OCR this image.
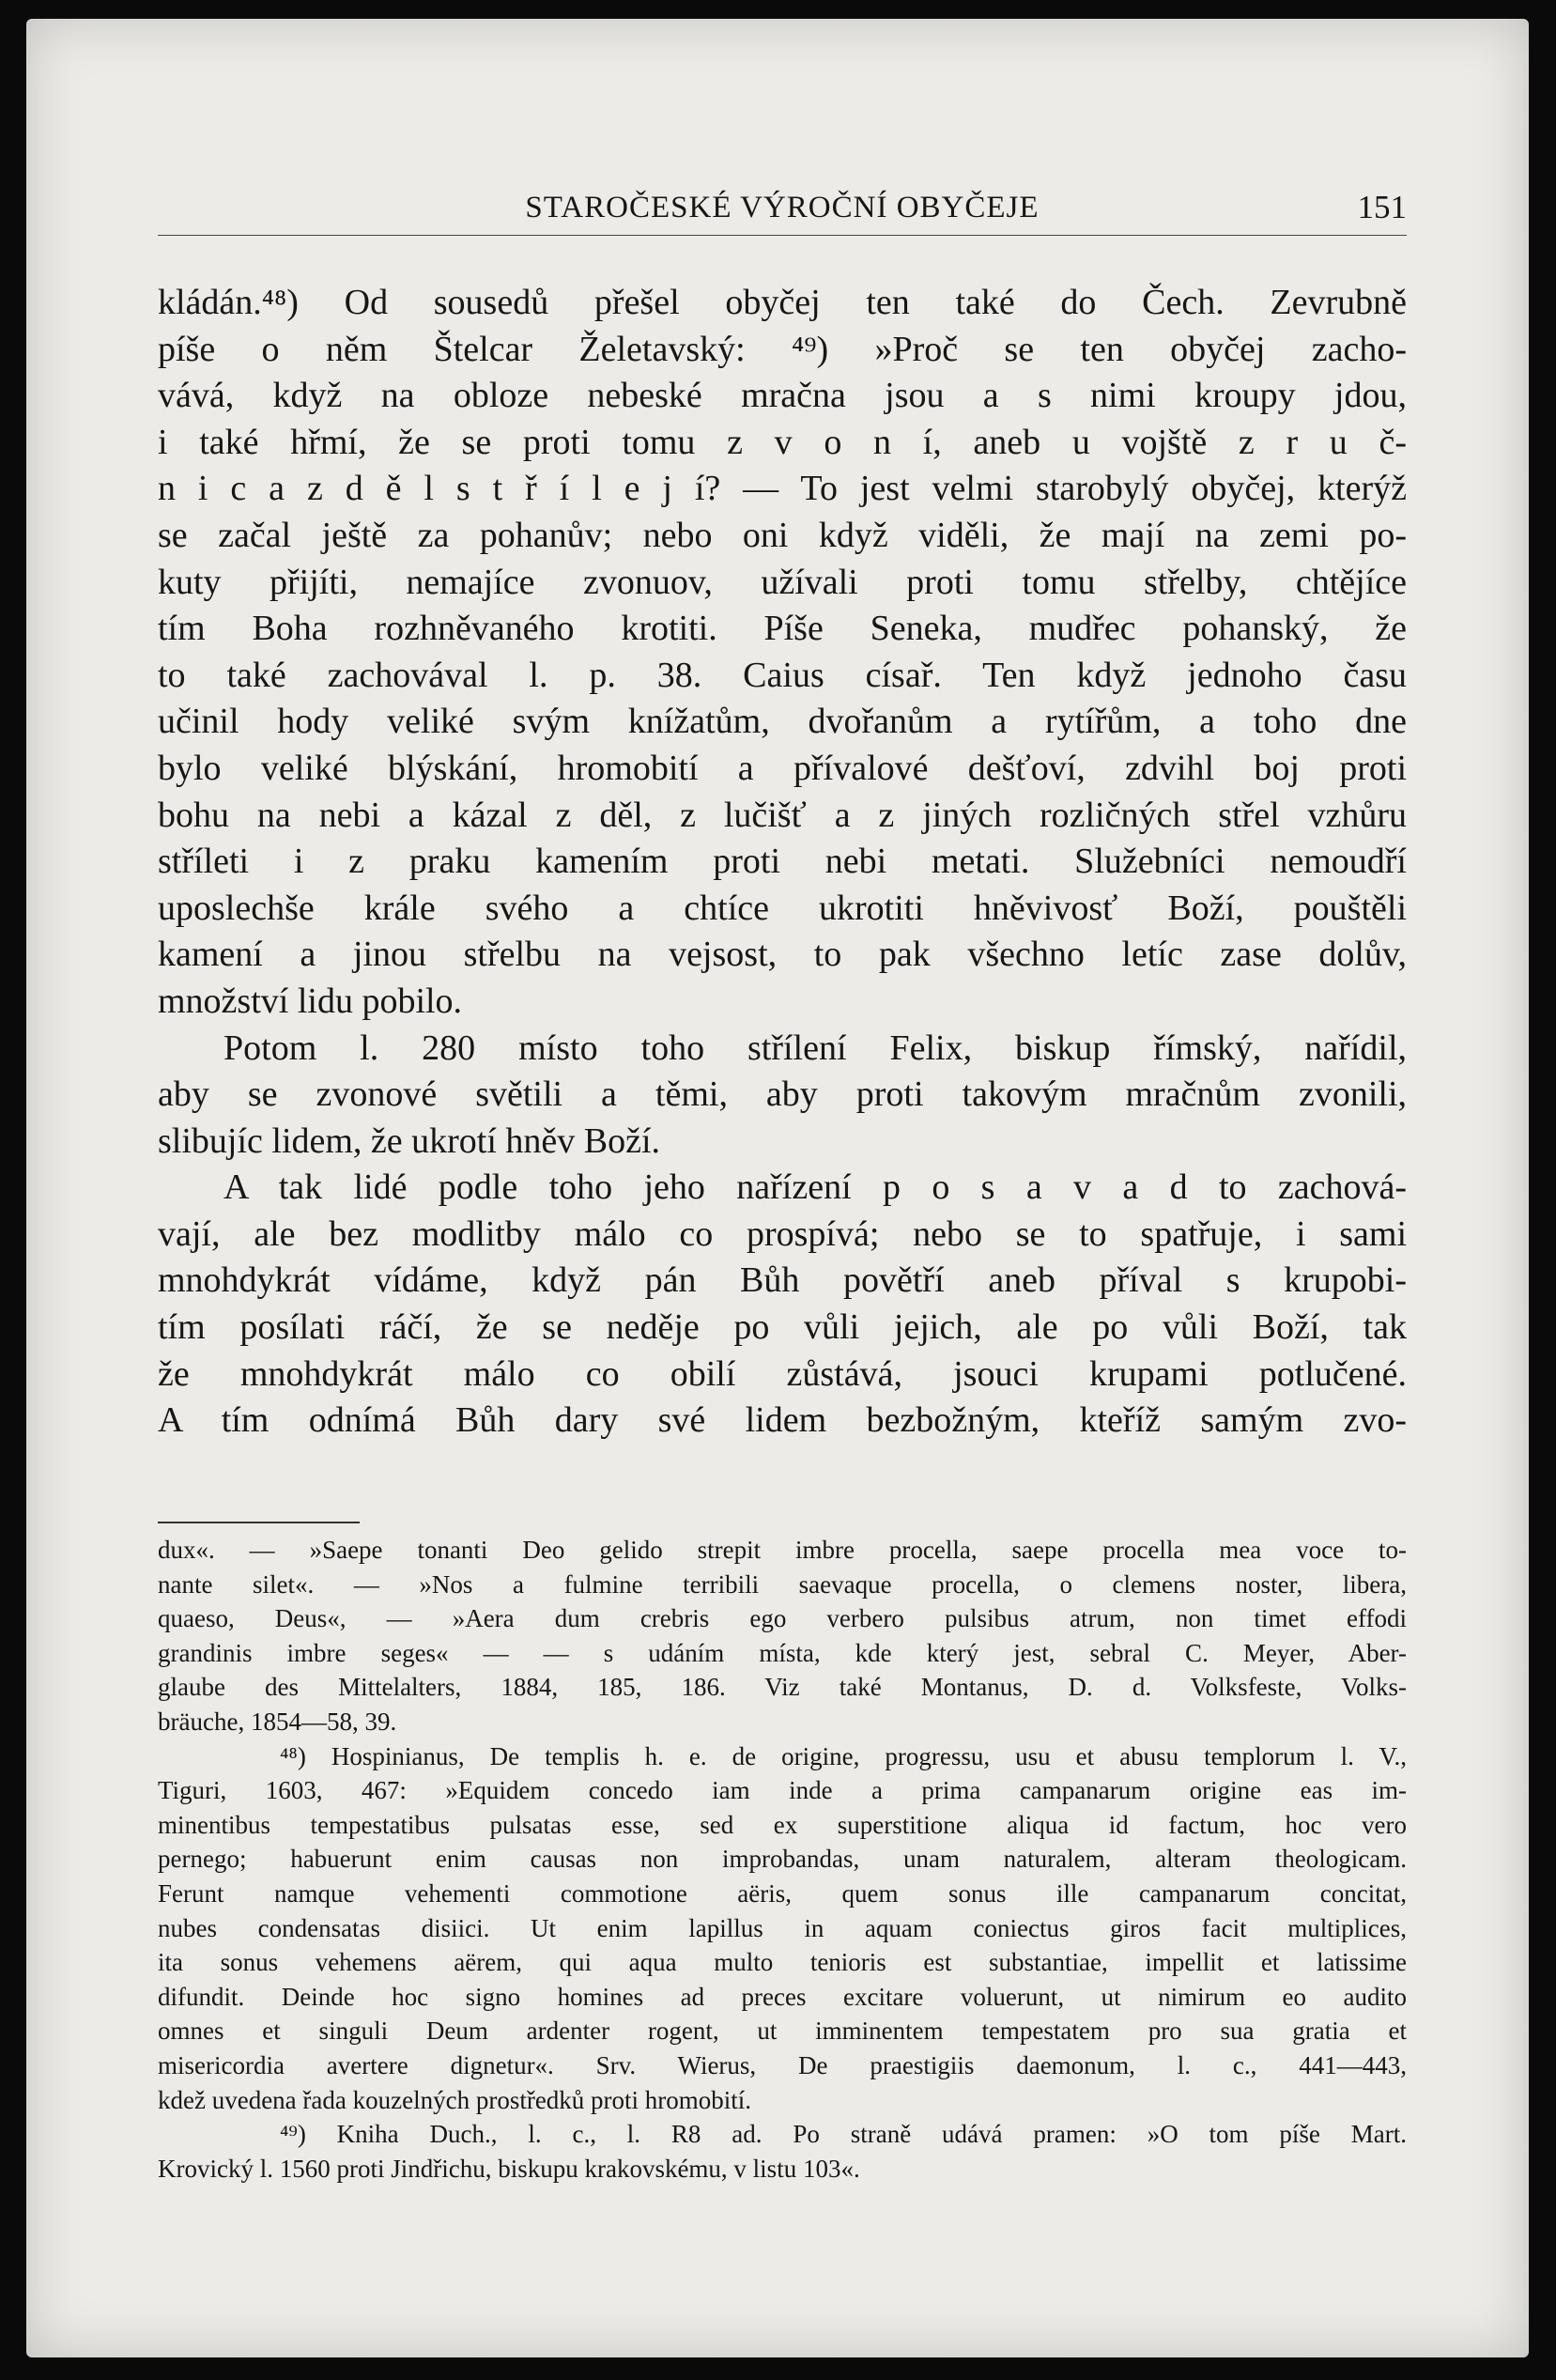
STAROČESKÉ VÝROČNÍ OBYČEJE	151
kládán.⁴⁸) Od sousedů přešel obyčej ten také do Čech. Zevrubně
píše o něm Štelcar Želetavský: ⁴⁹) »Proč se ten obyčej zacho-
vává, když na obloze nebeské mračna jsou a s nimi kroupy jdou,
i také hřmí, že se proti tomu z v o n í, aneb u vojště z r u č-
n i c a z d ě l s t ř í l e j í? — To jest velmi starobylý obyčej, kterýž
se začal ještě za pohanův; nebo oni když viděli, že mají na zemi po-
kuty přijíti, nemajíce zvonuov, užívali proti tomu střelby, chtějíce
tím Boha rozhněvaného krotiti. Píše Seneka, mudřec pohanský, že
to také zachovával l. p. 38. Caius císař. Ten když jednoho času
učinil hody veliké svým knížatům, dvořanům a rytířům, a toho dne
bylo veliké blýskání, hromobití a přívalové dešťoví, zdvihl boj proti
bohu na nebi a kázal z děl, z lučišť a z jiných rozličných střel vzhůru
stříleti i z praku kamením proti nebi metati. Služebníci nemoudří
uposlechše krále svého a chtíce ukrotiti hněvivosť Boží, pouštěli
kamení a jinou střelbu na vejsost, to pak všechno letíc zase dolův,
množství lidu pobilo.
Potom l. 280 místo toho střílení Felix, biskup římský, nařídil,
aby se zvonové světili a těmi, aby proti takovým mračnům zvonili,
slibujíc lidem, že ukrotí hněv Boží.
A tak lidé podle toho jeho nařízení p o s a v a d to zachová-
vají, ale bez modlitby málo co prospívá; nebo se to spatřuje, i sami
mnohdykrát vídáme, když pán Bůh povětří aneb příval s krupobi-
tím posílati ráčí, že se neděje po vůli jejich, ale po vůli Boží, tak
že mnohdykrát málo co obilí zůstává, jsouci krupami potlučené.
A tím odnímá Bůh dary své lidem bezbožným, kteříž samým zvo-
dux«. — »Saepe tonanti Deo gelido strepit imbre procella, saepe procella mea voce to-
nante silet«. — »Nos a fulmine terribili saevaque procella, o clemens noster, libera,
quaeso, Deus«, — »Aera dum crebris ego verbero pulsibus atrum, non timet effodi
grandinis imbre seges« — — s udáním místa, kde který jest, sebral C. Meyer, Aber-
glaube des Mittelalters, 1884, 185, 186. Viz také Montanus, D. d. Volksfeste, Volks-
bräuche, 1854—58, 39.
⁴⁸) Hospinianus, De templis h. e. de origine, progressu, usu et abusu templorum l. V.,
Tiguri, 1603, 467: »Equidem concedo iam inde a prima campanarum origine eas im-
minentibus tempestatibus pulsatas esse, sed ex superstitione aliqua id factum, hoc vero
pernego; habuerunt enim causas non improbandas, unam naturalem, alteram theologicam.
Ferunt namque vehementi commotione aëris, quem sonus ille campanarum concitat,
nubes condensatas disiici. Ut enim lapillus in aquam coniectus giros facit multiplices,
ita sonus vehemens aërem, qui aqua multo tenioris est substantiae, impellit et latissime
difundit. Deinde hoc signo homines ad preces excitare voluerunt, ut nimirum eo audito
omnes et singuli Deum ardenter rogent, ut imminentem tempestatem pro sua gratia et
misericordia avertere dignetur«. Srv. Wierus, De praestigiis daemonum, l. c., 441—443,
kdež uvedena řada kouzelných prostředků proti hromobití.
⁴⁹) Kniha Duch., l. c., l. R8 ad. Po straně udává pramen: »O tom píše Mart.
Krovický l. 1560 proti Jindřichu, biskupu krakovskému, v listu 103«.
